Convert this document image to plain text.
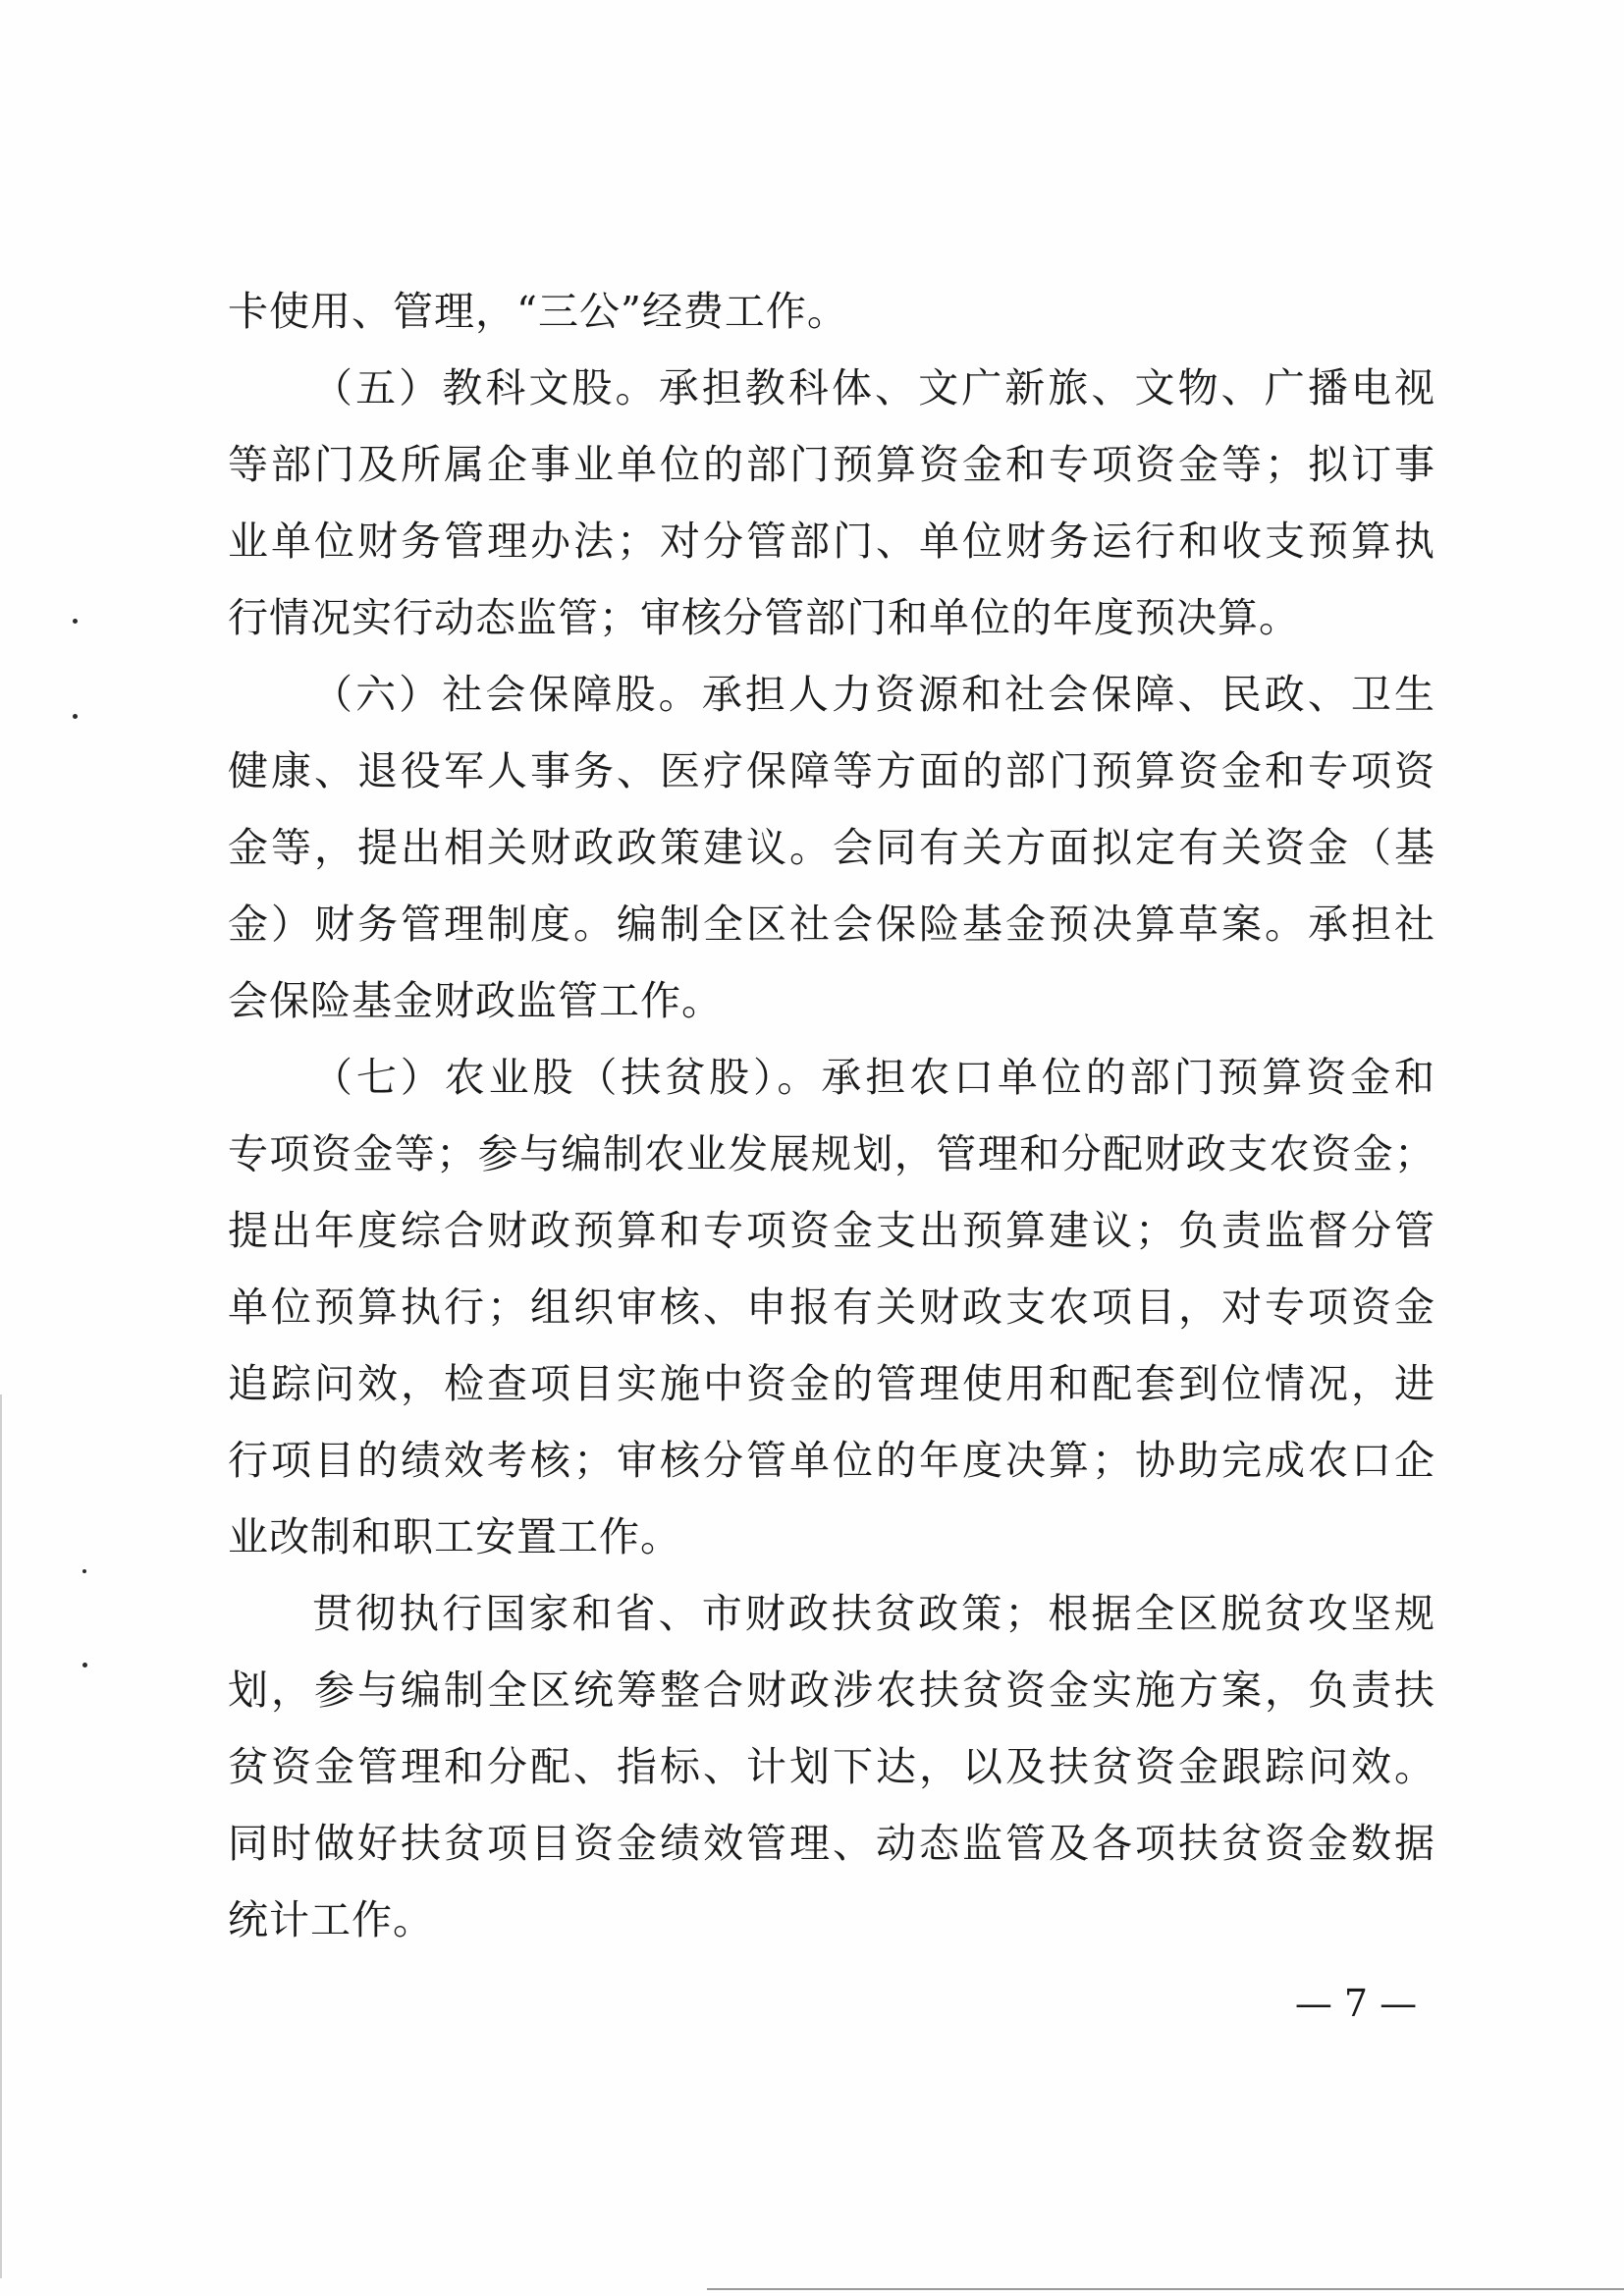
卡使用、管理，“三公”经费工作。
（五）教科文股。承担教科体、文广新旅、文物、广播电视
等部门及所属企事业单位的部门预算资金和专项资金等；拟订事
业单位财务管理办法；对分管部门、单位财务运行和收支预算执
行情况实行动态监管；审核分管部门和单位的年度预决算。
（六）社会保障股。承担人力资源和社会保障、民政、卫生
健康、退役军人事务、医疗保障等方面的部门预算资金和专项资
金等，提出相关财政政策建议。会同有关方面拟定有关资金（基
金）财务管理制度。编制全区社会保险基金预决算草案。承担社
会保险基金财政监管工作。
（七）农业股（扶贫股）。承担农口单位的部门预算资金和
专项资金等；参与编制农业发展规划，管理和分配财政支农资金；
提出年度综合财政预算和专项资金支出预算建议；负责监督分管
单位预算执行；组织审核、申报有关财政支农项目，对专项资金
追踪问效，检查项目实施中资金的管理使用和配套到位情况，进
行项目的绩效考核；审核分管单位的年度决算；协助完成农口企
业改制和职工安置工作。
贯彻执行国家和省、市财政扶贫政策；根据全区脱贫攻坚规
划，参与编制全区统筹整合财政涉农扶贫资金实施方案，负责扶
贫资金管理和分配、指标、计划下达，以及扶贫资金跟踪问效。
同时做好扶贫项目资金绩效管理、动态监管及各项扶贫资金数据
统计工作。
— 7 —
